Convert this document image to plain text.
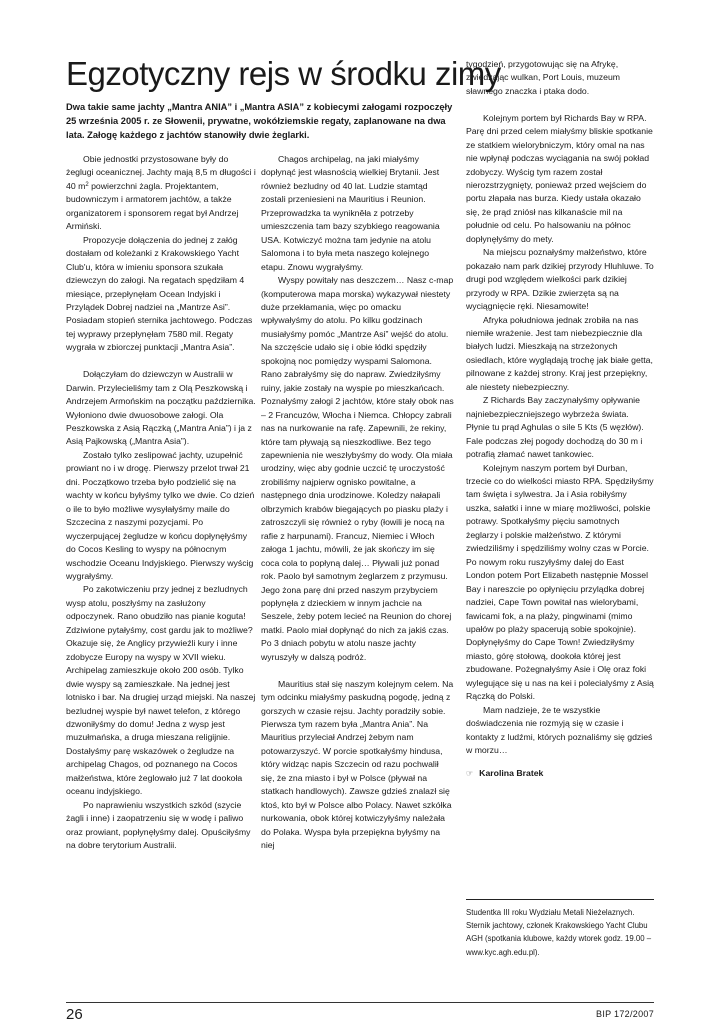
Egzotyczny rejs w środku zimy

Dwa takie same jachty „Mantra ANIA” i „Mantra ASIA” z kobiecymi załogami rozpoczęły 25 września 2005 r. ze Słowenii, prywatne, wokółziemskie regaty, zaplanowane na dwa lata. Załogę każdego z jachtów stanowiły dwie żeglarki.

Obie jednostki przystosowane były do żeglugi oceanicznej. Jachty mają 8,5 m długości i 40 $m^2$ powierzchni żagla. Projektantem, budowniczym i armatorem jachtów, a także organizatorem i sponsorem regat był Andrzej Armiński.

Propozycje dołączenia do jednej z załóg dostałam od koleżanki z Krakowskiego Yacht Club'u, która w imieniu sponsora szukała dziewczyn do załogi. Na regatach spędziłam 4 miesiące, przepłynęłam Ocean Indyjski i Przylądek Dobrej nadziei na „Mantrze Asi”. Posiadam stopień sternika jachtowego. Podczas tej wyprawy przepłynęłam 7580 mil. Regaty wygrała w zbiorczej punktacji „Mantra Asia”.

Dołączyłam do dziewczyn w Australii w Darwin. Przylecieliśmy tam z Olą Peszkowską i Andrzejem Armońskim na początku października. Wyłoniono dwie dwuosobowe załogi. Ola Peszkowska z Asią Rączką („Mantra Ania”) i ja z Asią Pajkowską („Mantra Asia”).

Zostało tylko zeslipować jachty, uzupełnić prowiant no i w drogę. Pierwszy przelot trwał 21 dni. Początkowo trzeba było podzielić się na wachty w końcu byłyśmy tylko we dwie. Co dzień o ile to było możliwe wysyłałyśmy maile do Szczecina z naszymi pozycjami. Po wyczerpującej żegludze w końcu dopłynęłyśmy do Cocos Kesling to wyspy na północnym wschodzie Oceanu Indyjskiego. Pierwszy wyścig wygrałyśmy.

Po zakotwiczeniu przy jednej z bezludnych wysp atolu, poszłyśmy na zasłużony odpoczynek. Rano obudziło nas pianie koguta! Zdziwione pytałyśmy, cost gardu jak to możliwe? Okazuje się, że Anglicy przywieźli kury i inne zdobycze Europy na wyspy w XVII wieku. Archipelag zamieszkuje około 200 osób. Tylko dwie wyspy są zamieszkałe. Na jednej jest lotnisko i bar. Na drugiej urząd miejski. Na naszej bezludnej wyspie był nawet telefon, z którego dzwoniłyśmy do domu! Jedna z wysp jest muzułmańska, a druga mieszana religijnie. Dostałyśmy parę wskazówek o żegludze na archipelag Chagos, od poznanego na Cocos małżeństwa, które żeglowało już 7 lat dookoła oceanu indyjskiego.

Po naprawieniu wszystkich szkód (szycie żagli i inne) i zaopatrzeniu się w wodę i paliwo oraz prowiant, popłynęłyśmy dalej. Opuściłyśmy na dobre terytorium Australii.

Chagos archipelag, na jaki miałyśmy dopłynąć jest własnością wielkiej Brytanii. Jest również bezludny od 40 lat. Ludzie stamtąd zostali przeniesieni na Mauritius i Reunion. Przeprowadzka ta wynikněła z potrzeby umieszczenia tam bazy szybkiego reagowania USA. Kotwiczyć można tam jedynie na atolu Salomona i to była meta naszego kolejnego etapu. Znowu wygrałyśmy.

Wyspy powitały nas deszczem… Nasz c-map (komputerowa mapa morska) wykazywał niestety duże przekłamania, więc po omacku wpływałyśmy do atolu. Po kilku godzinach musiałyśmy pomóc „Mantrze Asi” wejść do atolu. Na szczęście udało się i obie łódki spędziły spokojną noc pomiędzy wyspami Salomona. Rano zabrałyśmy się do napraw. Zwiedziłyśmy ruiny, jakie zostały na wyspie po mieszkańcach. Poznałyśmy załogi 2 jachtów, które stały obok nas – 2 Francuzów, Włocha i Niemca. Chłopcy zabrali nas na nurkowanie na rafę. Zapewnili, że rekiny, które tam pływają są nieszkodliwe. Bez tego zapewnienia nie weszłybyśmy do wody. Ola miała urodziny, więc aby godnie uczcić tę uroczystość zrobiliśmy najpierw ognisko powitalne, a następnego dnia urodzinowe. Koledzy nałapali olbrzymich krabów biegających po piasku plaży i zatroszczyli się również o ryby (łowili je nocą na rafie z harpunami). Francuz, Niemiec i Włoch załoga 1 jachtu, mówili, że jak skończy im się coca cola to popłyną dalej… Pływali już ponad rok. Paolo był samotnym żeglarzem z przymusu. Jego żona parę dni przed naszym przybyciem popłynęła z dzieckiem w innym jachcie na Seszele, żeby potem lecieć na Reunion do chorej matki. Paolo miał dopłynąć do nich za jakiś czas. Po 3 dniach pobytu w atolu nasze jachty wyruszyły w dalszą podróż.

Mauritius stał się naszym kolejnym celem. Na tym odcinku miałyśmy paskudną pogodę, jedną z gorszych w czasie rejsu. Jachty poradziły sobie. Pierwsza tym razem była „Mantra Ania”. Na Mauritius przyleciał Andrzej żebym nam potowarzyszyć. W porcie spotkałyśmy hindusa, który widząc napis Szczecin od razu pochwalił się, że zna miasto i był w Polsce (pływał na statkach handlowych). Zawsze gdzieś znalazł się ktoś, kto był w Polsce albo Polacy. Nawet szkółka nurkowania, obok której kotwiczyłyśmy należała do Polaka. Wyspa była przepiękna byłyśmy na niej

tygodzień, przygotowując się na Afrykę, zwiedzając wulkan, Port Louis, muzeum sławnego znaczka i ptaka dodo.

Kolejnym portem był Richards Bay w RPA. Parę dni przed celem miałyśmy bliskie spotkanie ze statkiem wielorybniczym, który omal na nas nie wpłynął podczas wyciągania na swój pokład zdobyczy. Wyścig tym razem został nierozstrzygnięty, ponieważ przed wejściem do portu złapała nas burza. Kiedy ustała okazało się, że prąd zniósł nas kilkanaście mil na południe od celu. Po halsowaniu na północ dopłynęłyśmy do mety.

Na miejscu poznałyśmy małżeństwo, które pokazało nam park dzikiej przyrody Hluhluwe. To drugi pod względem wielkości park dzikiej przyrody w RPA. Dzikie zwierzęta są na wyciągnięcie ręki. Niesamowite!

Afryka południowa jednak zrobiła na nas niemiłe wrażenie. Jest tam niebezpiecznie dla białych ludzi. Mieszkają na strzeżonych osiedlach, które wyglądają trochę jak białe getta, pilnowane z każdej strony. Kraj jest przepiękny, ale niestety niebezpieczny.

Z Richards Bay zaczynałyśmy opływanie najniebezpieczniejszego wybrzeża świata. Płynie tu prąd Aghulas o sile 5 Kts (5 węzłów). Fale podczas złej pogody dochodzą do 30 m i potrafią złamać nawet tankowiec.

Kolejnym naszym portem był Durban, trzecie co do wielkości miasto RPA. Spędziłyśmy tam święta i sylwestra. Ja i Asia robiłyśmy uszka, sałatki i inne w miarę możliwości, polskie potrawy. Spotkałyśmy pięciu samotnych żeglarzy i polskie małżeństwo. Z którymi zwiedziliśmy i spędziliśmy wolny czas w Porcie. Po nowym roku ruszyłyśmy dalej do East London potem Port Elizabeth następnie Mossel Bay i nareszcie po opłynięciu przylądka dobrej nadziei, Cape Town powitał nas wielorybami, fawicami fok, a na plaży, pingwinami (mimo upałów po plaży spacerują sobie spokojnie). Dopłynęłyśmy do Cape Town! Zwiedziłyśmy miasto, górę stołową, dookoła której jest zbudowane. Pożegnałyśmy Asie i Olę oraz foki wylegujące się u nas na kei i polecialyśmy z Asią Rączką do Polski.

Mam nadzieje, że te wszystkie doświadczenia nie rozmyją się w czasie i kontakty z ludźmi, których poznaliśmy się gdzieś w morzu…

☞ Karolina Bratek

Studentka III roku Wydziału Metali Nieżelaznych. Sternik jachtowy, członek Krakowskiego Yacht Clubu AGH (spotkania klubowe, każdy wtorek godz. 19.00 – www.kyc.agh.edu.pl).
26	BIP 172/2007
